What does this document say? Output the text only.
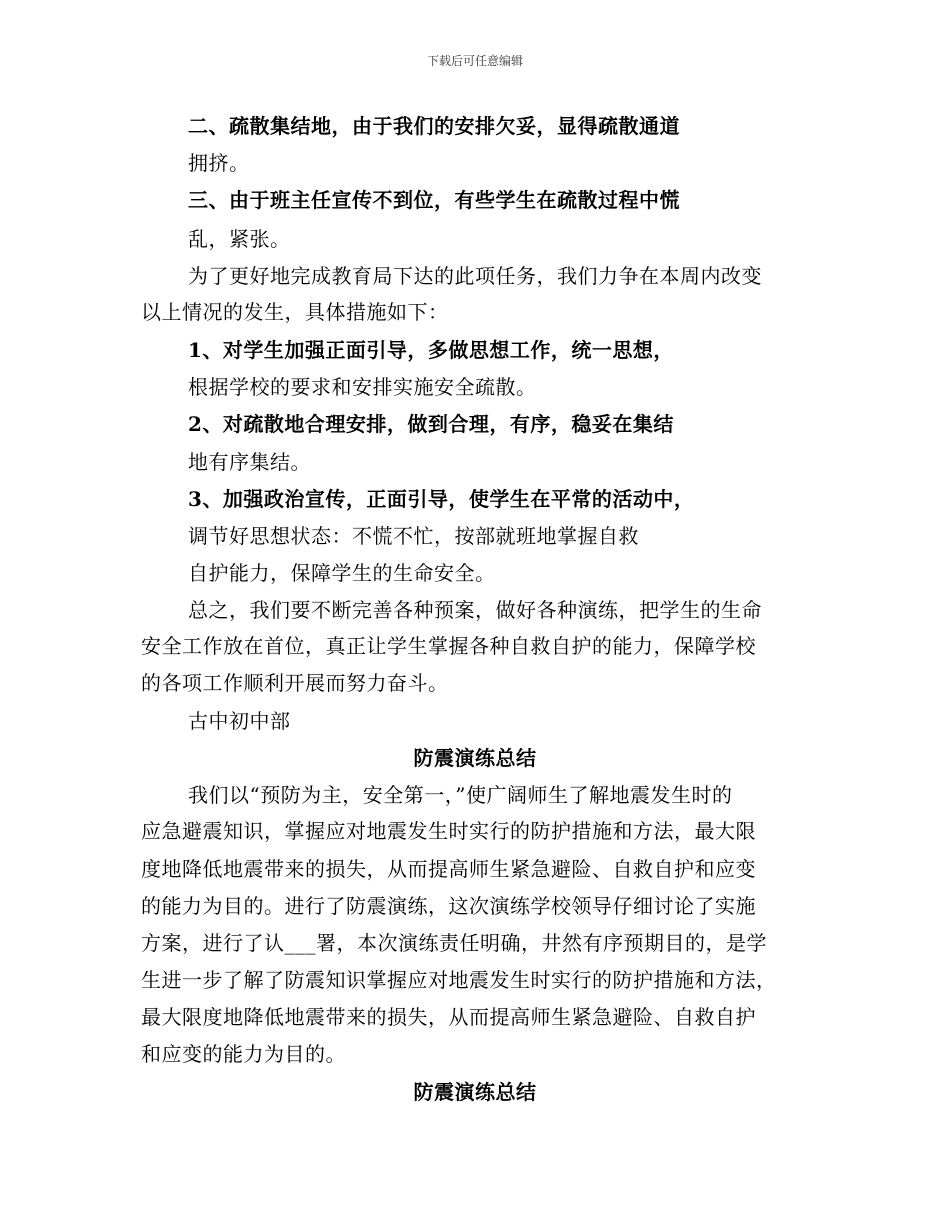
下载后可任意编辑
二、疏散集结地，由于我们的安排欠妥，显得疏散通道
拥挤。
三、由于班主任宣传不到位，有些学生在疏散过程中慌
乱，紧张。
为了更好地完成教育局下达的此项任务，我们力争在本周内改变
以上情况的发生，具体措施如下：
1、对学生加强正面引导，多做思想工作，统一思想，
根据学校的要求和安排实施安全疏散。
2、对疏散地合理安排，做到合理，有序，稳妥在集结
地有序集结。
3、加强政治宣传，正面引导，使学生在平常的活动中，
调节好思想状态：不慌不忙，按部就班地掌握自救
自护能力，保障学生的生命安全。
总之，我们要不断完善各种预案，做好各种演练，把学生的生命
安全工作放在首位，真正让学生掌握各种自救自护的能力，保障学校
的各项工作顺利开展而努力奋斗。
古中初中部
防震演练总结
我们以“预防为主，安全第一，”使广阔师生了解地震发生时的
应急避震知识，掌握应对地震发生时实行的防护措施和方法，最大限
度地降低地震带来的损失，从而提高师生紧急避险、自救自护和应变
的能力为目的。进行了防震演练，这次演练学校领导仔细讨论了实施
方案，进行了认___署，本次演练责任明确，井然有序预期目的，是学
生进一步了解了防震知识掌握应对地震发生时实行的防护措施和方法，
最大限度地降低地震带来的损失，从而提高师生紧急避险、自救自护
和应变的能力为目的。
防震演练总结
